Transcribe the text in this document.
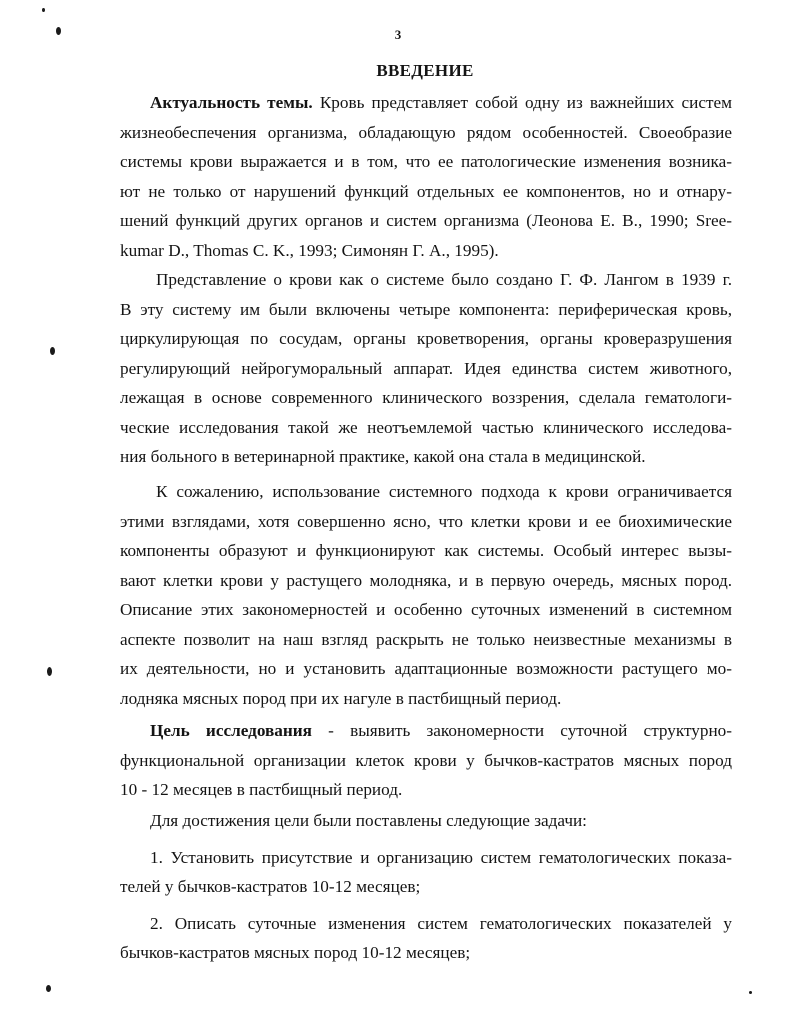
3
ВВЕДЕНИЕ
Актуальность темы. Кровь представляет собой одну из важнейших систем
жизнеобеспечения организма, обладающую рядом особенностей. Своеобразие
системы крови выражается и в том, что ее патологические изменения возника-
ют не только от нарушений функций отдельных ее компонентов, но и отнару-
шений функций других органов и систем организма (Леонова Е. В., 1990; Sree-
kumar D., Thomas С. K., 1993; Симонян Г. А., 1995).
Представление о крови как о системе было создано Г. Ф. Лангом в 1939 г.
В эту систему им были включены четыре компонента: периферическая кровь,
циркулирующая по сосудам, органы кроветворения, органы кроверазрушения
регулирующий нейрогуморальный аппарат. Идея единства систем животного,
лежащая в основе современного клинического воззрения, сделала гематологи-
ческие исследования такой же неотъемлемой частью клинического исследова-
ния больного в ветеринарной практике, какой она стала в медицинской.
К сожалению, использование системного подхода к крови ограничивается
этими взглядами, хотя совершенно ясно, что клетки крови и ее биохимические
компоненты образуют и функционируют как системы. Особый интерес вызы-
вают клетки крови у растущего молодняка, и в первую очередь, мясных пород.
Описание этих закономерностей и особенно суточных изменений в системном
аспекте позволит на наш взгляд раскрыть не только неизвестные механизмы в
их деятельности, но и установить адаптационные возможности растущего мо-
лодняка мясных пород при их нагуле в пастбищный период.
Цель исследования - выявить закономерности суточной структурно-
функциональной организации клеток крови у бычков-кастратов мясных пород
10 - 12 месяцев в пастбищный период.
Для достижения цели были поставлены следующие задачи:
1. Установить присутствие и организацию систем гематологических показа-
телей у бычков-кастратов 10-12 месяцев;
2. Описать суточные изменения систем гематологических показателей у
бычков-кастратов мясных пород 10-12 месяцев;
